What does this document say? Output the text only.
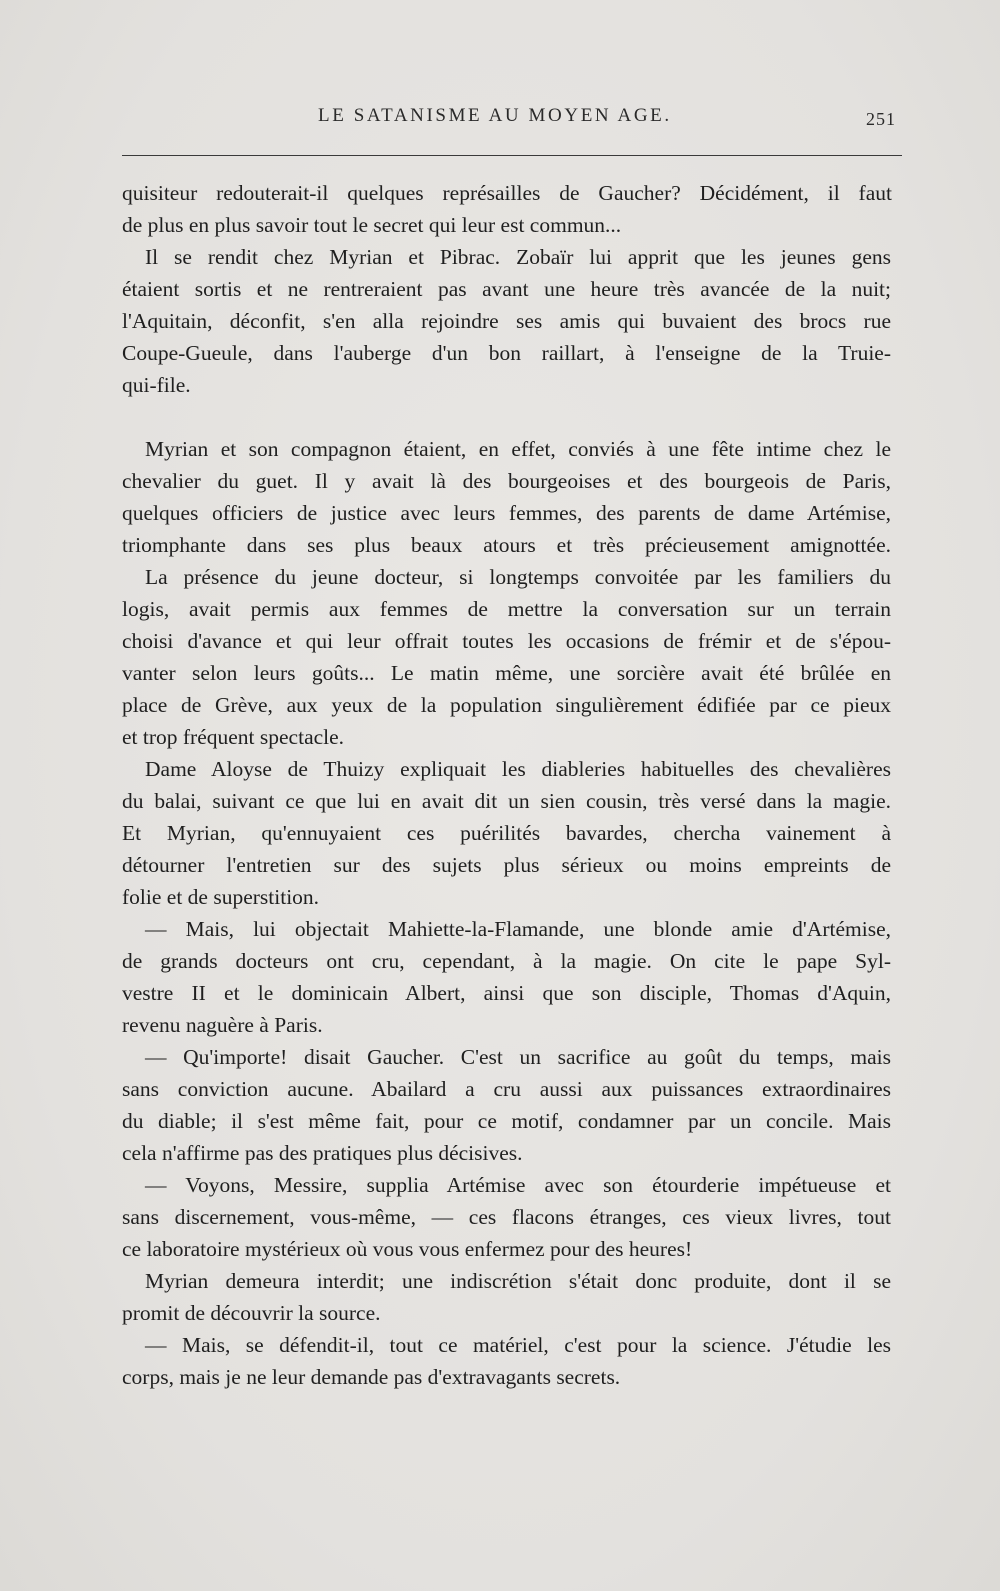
LE SATANISME AU MOYEN AGE.	251
quisiteur redouterait-il quelques représailles de Gaucher? Décidément, il faut
de plus en plus savoir tout le secret qui leur est commun...
Il se rendit chez Myrian et Pibrac. Zobaïr lui apprit que les jeunes gens
étaient sortis et ne rentreraient pas avant une heure très avancée de la nuit;
l'Aquitain, déconfit, s'en alla rejoindre ses amis qui buvaient des brocs rue
Coupe-Gueule, dans l'auberge d'un bon raillart, à l'enseigne de la Truie-
qui-file.
Myrian et son compagnon étaient, en effet, conviés à une fête intime chez le
chevalier du guet. Il y avait là des bourgeoises et des bourgeois de Paris,
quelques officiers de justice avec leurs femmes, des parents de dame Artémise,
triomphante dans ses plus beaux atours et très précieusement amignottée.
La présence du jeune docteur, si longtemps convoitée par les familiers du
logis, avait permis aux femmes de mettre la conversation sur un terrain
choisi d'avance et qui leur offrait toutes les occasions de frémir et de s'épou-
vanter selon leurs goûts... Le matin même, une sorcière avait été brûlée en
place de Grève, aux yeux de la population singulièrement édifiée par ce pieux
et trop fréquent spectacle.
Dame Aloyse de Thuizy expliquait les diableries habituelles des chevalières
du balai, suivant ce que lui en avait dit un sien cousin, très versé dans la magie.
Et Myrian, qu'ennuyaient ces puérilités bavardes, chercha vainement à
détourner l'entretien sur des sujets plus sérieux ou moins empreints de
folie et de superstition.
— Mais, lui objectait Mahiette-la-Flamande, une blonde amie d'Artémise,
de grands docteurs ont cru, cependant, à la magie. On cite le pape Syl-
vestre II et le dominicain Albert, ainsi que son disciple, Thomas d'Aquin,
revenu naguère à Paris.
— Qu'importe! disait Gaucher. C'est un sacrifice au goût du temps, mais
sans conviction aucune. Abailard a cru aussi aux puissances extraordinaires
du diable; il s'est même fait, pour ce motif, condamner par un concile. Mais
cela n'affirme pas des pratiques plus décisives.
— Voyons, Messire, supplia Artémise avec son étourderie impétueuse et
sans discernement, vous-même, — ces flacons étranges, ces vieux livres, tout
ce laboratoire mystérieux où vous vous enfermez pour des heures!
Myrian demeura interdit; une indiscrétion s'était donc produite, dont il se
promit de découvrir la source.
— Mais, se défendit-il, tout ce matériel, c'est pour la science. J'étudie les
corps, mais je ne leur demande pas d'extravagants secrets.
